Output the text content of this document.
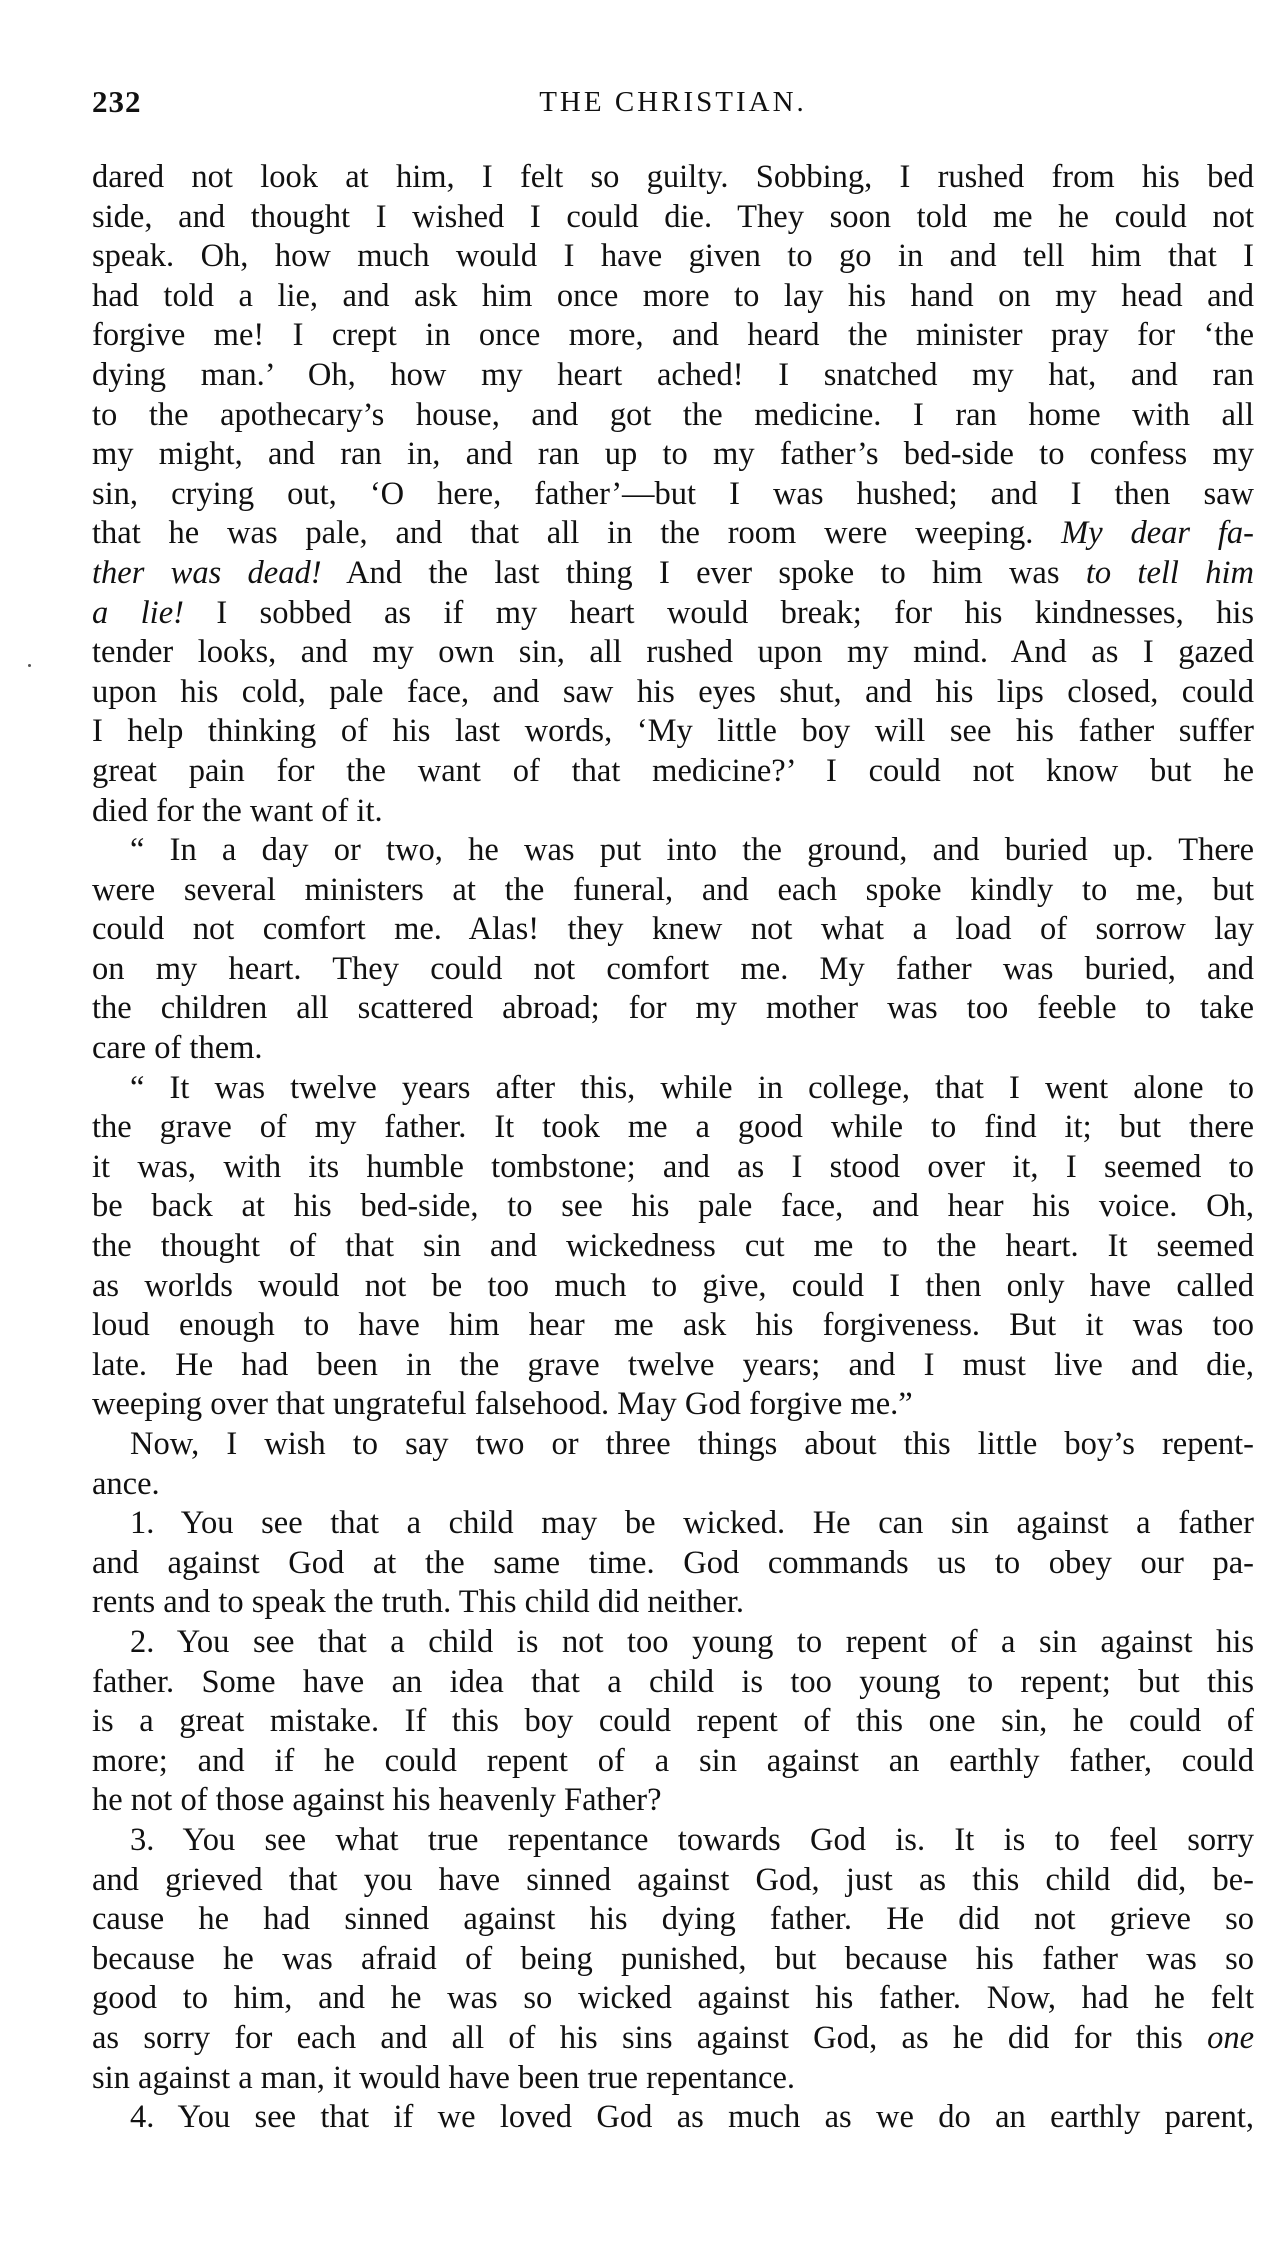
232	THE CHRISTIAN.
dared not look at him, I felt so guilty. Sobbing, I rushed from his bed
side, and thought I wished I could die. They soon told me he could not
speak. Oh, how much would I have given to go in and tell him that I
had told a lie, and ask him once more to lay his hand on my head and
forgive me! I crept in once more, and heard the minister pray for ‘the
dying man.’ Oh, how my heart ached! I snatched my hat, and ran
to the apothecary’s house, and got the medicine. I ran home with all
my might, and ran in, and ran up to my father’s bed-side to confess my
sin, crying out, ‘O here, father’—but I was hushed; and I then saw
that he was pale, and that all in the room were weeping. My dear fa-
ther was dead! And the last thing I ever spoke to him was to tell him
a lie! I sobbed as if my heart would break; for his kindnesses, his
tender looks, and my own sin, all rushed upon my mind. And as I gazed
upon his cold, pale face, and saw his eyes shut, and his lips closed, could
I help thinking of his last words, ‘My little boy will see his father suffer
great pain for the want of that medicine?’ I could not know but he
died for the want of it.
“ In a day or two, he was put into the ground, and buried up. There
were several ministers at the funeral, and each spoke kindly to me, but
could not comfort me. Alas! they knew not what a load of sorrow lay
on my heart. They could not comfort me. My father was buried, and
the children all scattered abroad; for my mother was too feeble to take
care of them.
“ It was twelve years after this, while in college, that I went alone to
the grave of my father. It took me a good while to find it; but there
it was, with its humble tombstone; and as I stood over it, I seemed to
be back at his bed-side, to see his pale face, and hear his voice. Oh,
the thought of that sin and wickedness cut me to the heart. It seemed
as worlds would not be too much to give, could I then only have called
loud enough to have him hear me ask his forgiveness. But it was too
late. He had been in the grave twelve years; and I must live and die,
weeping over that ungrateful falsehood. May God forgive me.”
Now, I wish to say two or three things about this little boy’s repent-
ance.
1. You see that a child may be wicked. He can sin against a father
and against God at the same time. God commands us to obey our pa-
rents and to speak the truth. This child did neither.
2. You see that a child is not too young to repent of a sin against his
father. Some have an idea that a child is too young to repent; but this
is a great mistake. If this boy could repent of this one sin, he could of
more; and if he could repent of a sin against an earthly father, could
he not of those against his heavenly Father?
3. You see what true repentance towards God is. It is to feel sorry
and grieved that you have sinned against God, just as this child did, be-
cause he had sinned against his dying father. He did not grieve so
because he was afraid of being punished, but because his father was so
good to him, and he was so wicked against his father. Now, had he felt
as sorry for each and all of his sins against God, as he did for this one
sin against a man, it would have been true repentance.
4. You see that if we loved God as much as we do an earthly parent,
